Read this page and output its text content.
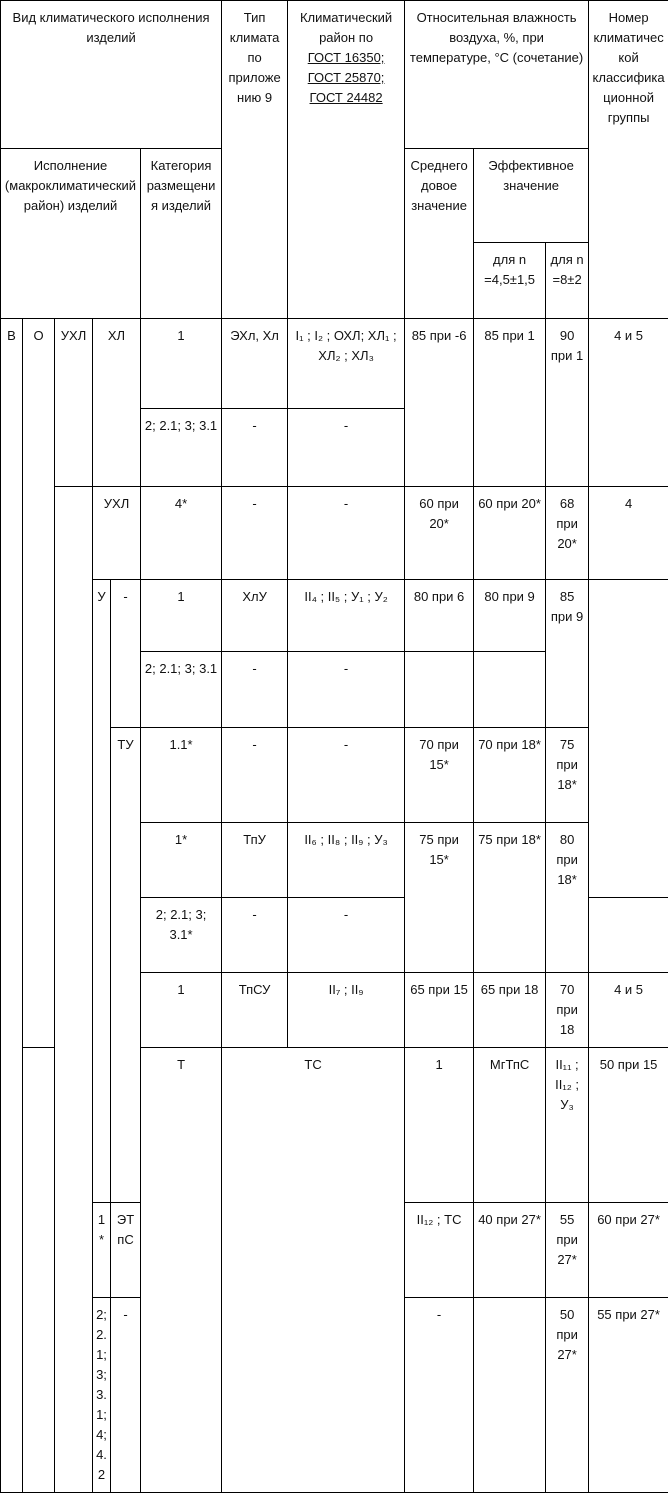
Вид климатического исполнения изделий						Тип климата по приложению 9	Климатический район по
ГОСТ 16350;
ГОСТ 25870;
ГОСТ 24482	Относительная влажность воздуха, %, при температуре, °С (сочетание)			Номер климатической классификационной группы	
Исполнение (макроклиматический район) изделий					Категория размещения изделий			Среднегодовое значение	Эффективное значение			
									для n =4,5±1,5	для n =8±2		
В	О	УХЛ	ХЛ		1	ЭХл, Хл	I₁ ; I₂ ; ОХЛ; ХЛ₁ ; ХЛ₂ ; ХЛ₃	85 при -6	85 при 1	90 при 1	4 и 5	
					2; 2.1; 3; 3.1	-	-					
			УХЛ		4*	-	-	60 при 20*	60 при 20*	68 при 20*	4	
			У	-	1	ХлУ	II₄ ; II₅ ; У₁ ; У₂	80 при 6	80 при 9	85 при 9		
					2; 2.1; 3; 3.1	-	-					
				ТУ	1.1*	-	-	70 при 15*	70 при 18*	75 при 18*		
					1*	ТпУ	II₆ ; II₈ ; II₉ ; У₃	75 при 15*	75 при 18*	80 при 18*	
					2; 2.1; 3; 3.1*	-	-					
					1	ТпСУ	II₇ ; II₉	65 при 15	65 при 18	70 при 18	4 и 5	
					Т	ТС		1	МгТпС	II₁₁ ; II₁₂ ; У₃	50 при 15			
			1*	ЭТпС				II₁₂ ; ТС	40 при 27*	55 при 27*	60 при 27*	
			2; 2.1; 3; 3.1; 4; 4.2	-				-		50 при 27*	55 при 27*	
